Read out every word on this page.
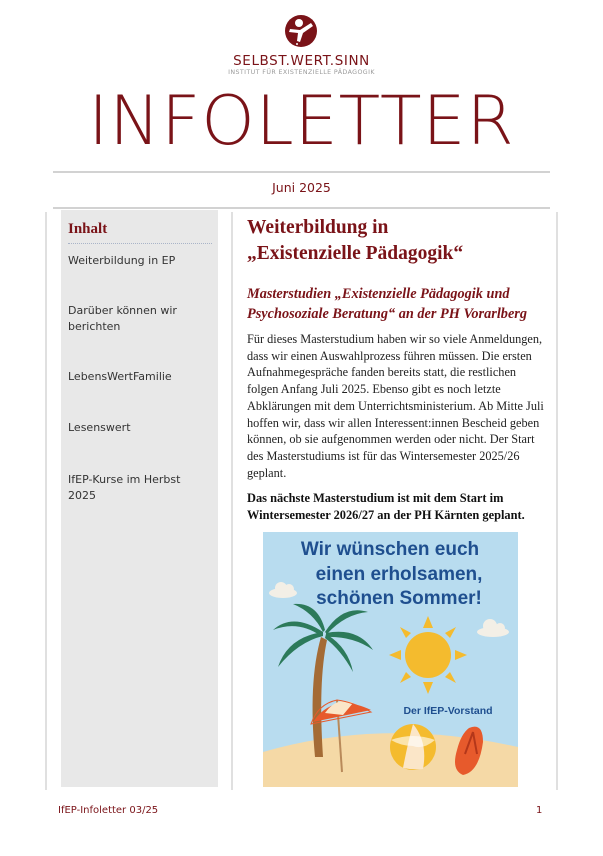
SELBST.WERT.SINN
INSTITUT FÜR EXISTENZIELLE PÄDAGOGIK
INFOLETTER
Juni 2025
Inhalt
Weiterbildung in EP
Darüber können wir berichten
LebensWertFamilie
Lesenswert
IfEP-Kurse im Herbst 2025
Weiterbildung in
„Existenzielle Pädagogik“
Masterstudien „Existenzielle Pädagogik und Psychosoziale Beratung“ an der PH Vorarlberg

Für dieses Masterstudium haben wir so viele Anmeldungen, dass wir einen Auswahlprozess führen müssen. Die ersten Aufnahmegespräche fanden bereits statt, die restlichen folgen Anfang Juli 2025. Ebenso gibt es noch letzte Abklärungen mit dem Unterrichtsministerium. Ab Mitte Juli hoffen wir, dass wir allen Interessent:innen Bescheid geben können, ob sie aufgenommen werden oder nicht. Der Start des Masterstudiums ist für das Wintersemester 2025/26 geplant.

Das nächste Masterstudium ist mit dem Start im Wintersemester 2026/27 an der PH Kärnten geplant.

Wir wünschen euch
einen erholsamen,
schönen Sommer!
Der IfEP-Vorstand
IfEP-Infoletter 03/25	1
